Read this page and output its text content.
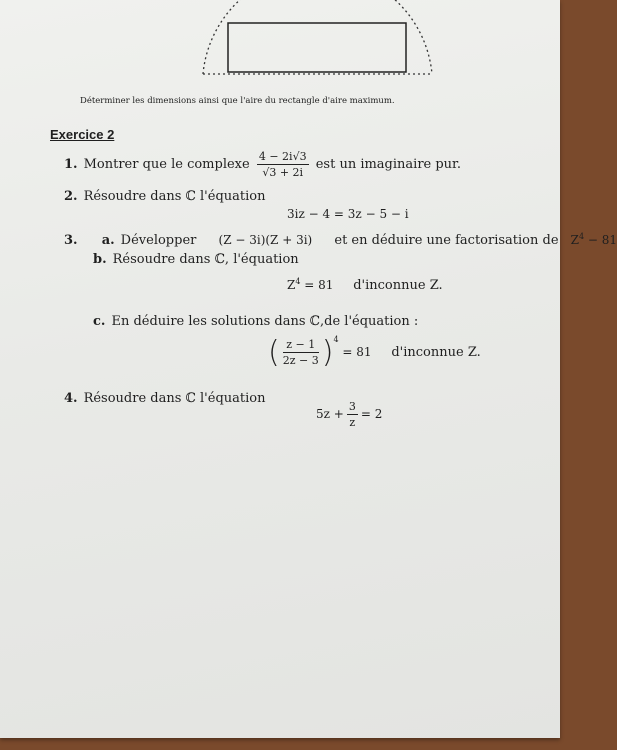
Déterminer les dimensions ainsi que l'aire du rectangle d'aire maximum.
Exercice 2
1. Montrer que le complexe $\frac{4 - 2i√3}{√3 + 2i}$ est un imaginaire pur.
2. Résoudre dans ℂ l'équation
3iz − 4 = 3z − 5 − i
3. a. Développer (Z − 3i)(Z + 3i) et en déduire une factorisation de $Z^4 - 81$
b. Résoudre dans ℂ, l'équation
$Z^4 = 81$ d'inconnue Z.
c. En déduire les solutions dans ℂ,de l'équation :
( $\frac{z - 1}{2z - 3} )^4 = 81$ d'inconnue Z.
4. Résoudre dans ℂ l'équation
$5z + \frac{3}{z} = 2$
